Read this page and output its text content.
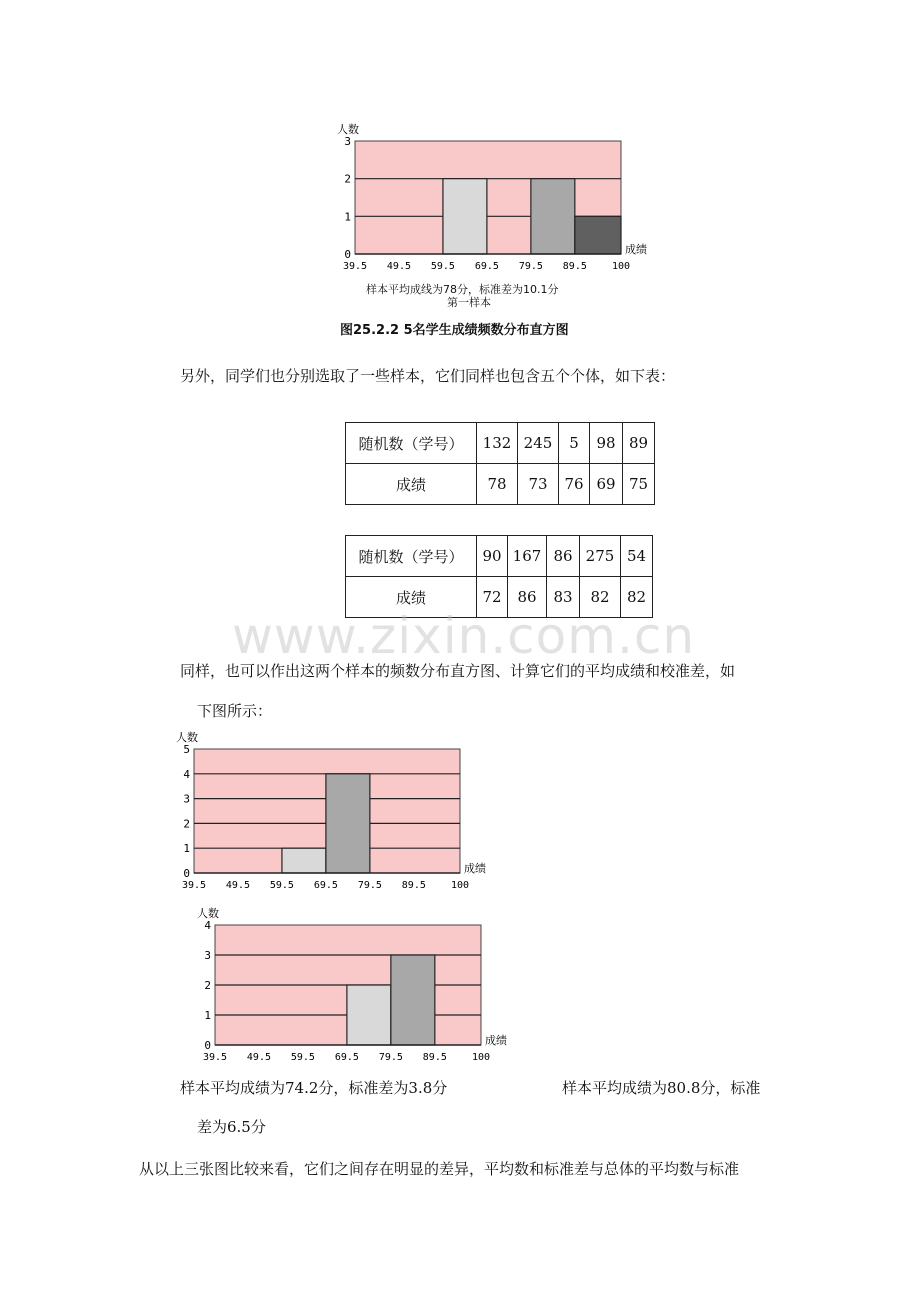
0
1
2
3
39.5 49.5 59.5 69.5 79.5 89.5	100
人数
成绩
样本平均成线为78分，标准差为10.1分
第一样本
图25.2.2 5名学生成绩频数分布直方图
另外，同学们也分别选取了一些样本，它们同样也包含五个个体，如下表：
随机数（学号）	132	245	5	98	89
成绩	78	73	76	69	75
随机数（学号）	90	167	86	275	54
成绩	72	86	83	82	82
www.zixin.com.cn
同样，也可以作出这两个样本的频数分布直方图、计算它们的平均成绩和校准差，如
下图所示：
0
1
2
3
4
5
39.5 49.5 59.5 69.5 79.5 89.5	100
人数
成绩
0
1
2
3
4
39.5 49.5 59.5 69.5 79.5 89.5	100
人数
成绩
样本平均成绩为74.2分，标准差为3.8分	样本平均成绩为80.8分，标准
差为6.5分
从以上三张图比较来看，它们之间存在明显的差异，平均数和标准差与总体的平均数与标准
